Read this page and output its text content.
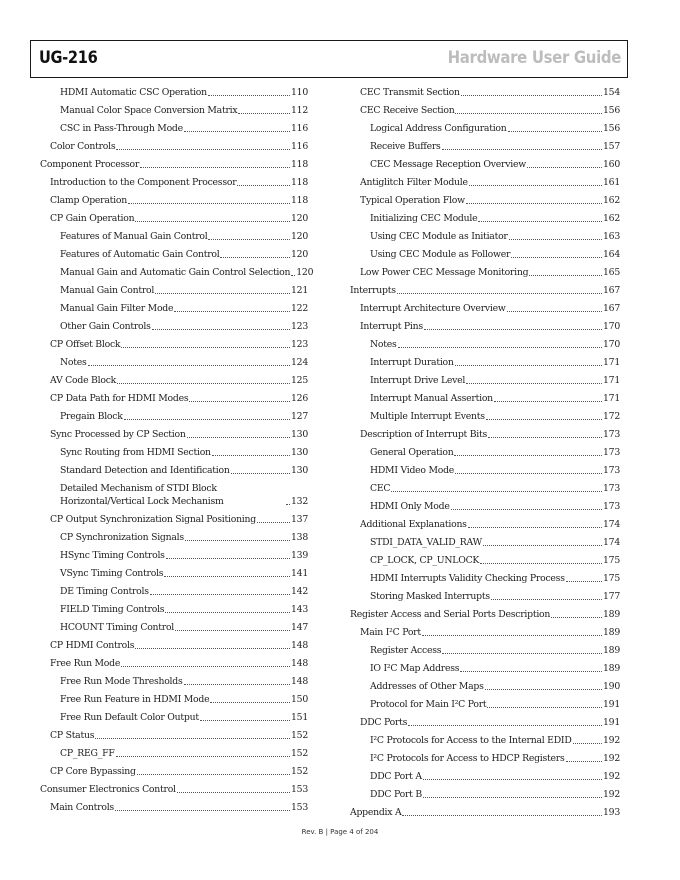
UG-216	Hardware User Guide
HDMI Automatic CSC Operation	110
Manual Color Space Conversion Matrix	112
CSC in Pass-Through Mode	116
Color Controls	116
Component Processor	118
Introduction to the Component Processor	118
Clamp Operation	118
CP Gain Operation	120
Features of Manual Gain Control	120
Features of Automatic Gain Control	120
Manual Gain and Automatic Gain Control Selection 120
Manual Gain Control	121
Manual Gain Filter Mode	122
Other Gain Controls	123
CP Offset Block	123
Notes	124
AV Code Block	125
CP Data Path for HDMI Modes	126
Pregain Block	127
Sync Processed by CP Section	130
Sync Routing from HDMI Section	130
Standard Detection and Identification	130
Detailed Mechanism of STDI Block Horizontal/Vertical Lock Mechanism	132
CP Output Synchronization Signal Positioning	137
CP Synchronization Signals	138
HSync Timing Controls	139
VSync Timing Controls	141
DE Timing Controls	142
FIELD Timing Controls	143
HCOUNT Timing Control	147
CP HDMI Controls	148
Free Run Mode	148
Free Run Mode Thresholds	148
Free Run Feature in HDMI Mode	150
Free Run Default Color Output	151
CP Status	152
CP_REG_FF	152
CP Core Bypassing	152
Consumer Electronics Control	153
Main Controls	153
CEC Transmit Section	154
CEC Receive Section	156
Logical Address Configuration	156
Receive Buffers	157
CEC Message Reception Overview	160
Antiglitch Filter Module	161
Typical Operation Flow	162
Initializing CEC Module	162
Using CEC Module as Initiator	163
Using CEC Module as Follower	164
Low Power CEC Message Monitoring	165
Interrupts	167
Interrupt Architecture Overview	167
Interrupt Pins	170
Notes	170
Interrupt Duration	171
Interrupt Drive Level	171
Interrupt Manual Assertion	171
Multiple Interrupt Events	172
Description of Interrupt Bits	173
General Operation	173
HDMI Video Mode	173
CEC	173
HDMI Only Mode	173
Additional Explanations	174
STDI_DATA_VALID_RAW	174
CP_LOCK, CP_UNLOCK	175
HDMI Interrupts Validity Checking Process	175
Storing Masked Interrupts	177
Register Access and Serial Ports Description	189
Main I²C Port	189
Register Access	189
IO I²C Map Address	189
Addresses of Other Maps	190
Protocol for Main I²C Port	191
DDC Ports	191
I²C Protocols for Access to the Internal EDID	192
I²C Protocols for Access to HDCP Registers	192
DDC Port A	192
DDC Port B	192
Appendix A	193
Rev. B | Page 4 of 204
